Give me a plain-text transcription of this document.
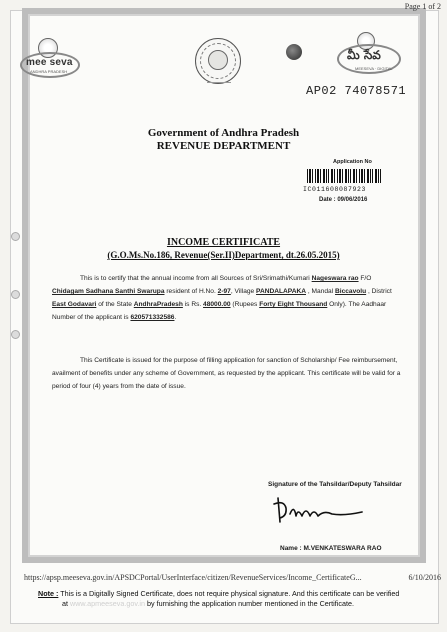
Page 1 of 2
mee seva
ANDHRA PRADESH
మీ సేవ
MEESEVA · DIGITAL
AP02 74078571
Government of Andhra Pradesh
REVENUE DEPARTMENT
Application No
IC011608087923
Date : 09/06/2016
INCOME CERTIFICATE
(G.O.Ms.No.186, Revenue(Ser.II)Department, dt.26.05.2015)
This is to certify that the annual income from all Sources of Sri/Srimathi/Kumari Nageswara rao F/O Chidagam Sadhana Santhi Swarupa resident of H.No. 2-97, Village PANDALAPAKA , Mandal Biccavolu , District East Godavari of the State AndhraPradesh is Rs. 48000.00 (Rupees Forty Eight Thousand Only). The Aadhaar Number of the applicant is 620571332586.
This Certificate is issued for the purpose of filling application for sanction of Scholarship/ Fee reimbursement, availment of benefits under any scheme of Government, as requested by the applicant. This certificate will be valid for a period of four (4) years from the date of issue.
Signature of the Tahsildar/Deputy Tahsildar
Name : M.VENKATESWARA RAO
https://apsp.meeseva.gov.in/APSDCPortal/UserInterface/citizen/RevenueServices/Income_CertificateG...	6/10/2016
Note : This is a Digitally Signed Certificate, does not require physical signature. And this certificate can be verified
at www.apmeeseva.gov.in by furnishing the application number mentioned in the Certificate.
